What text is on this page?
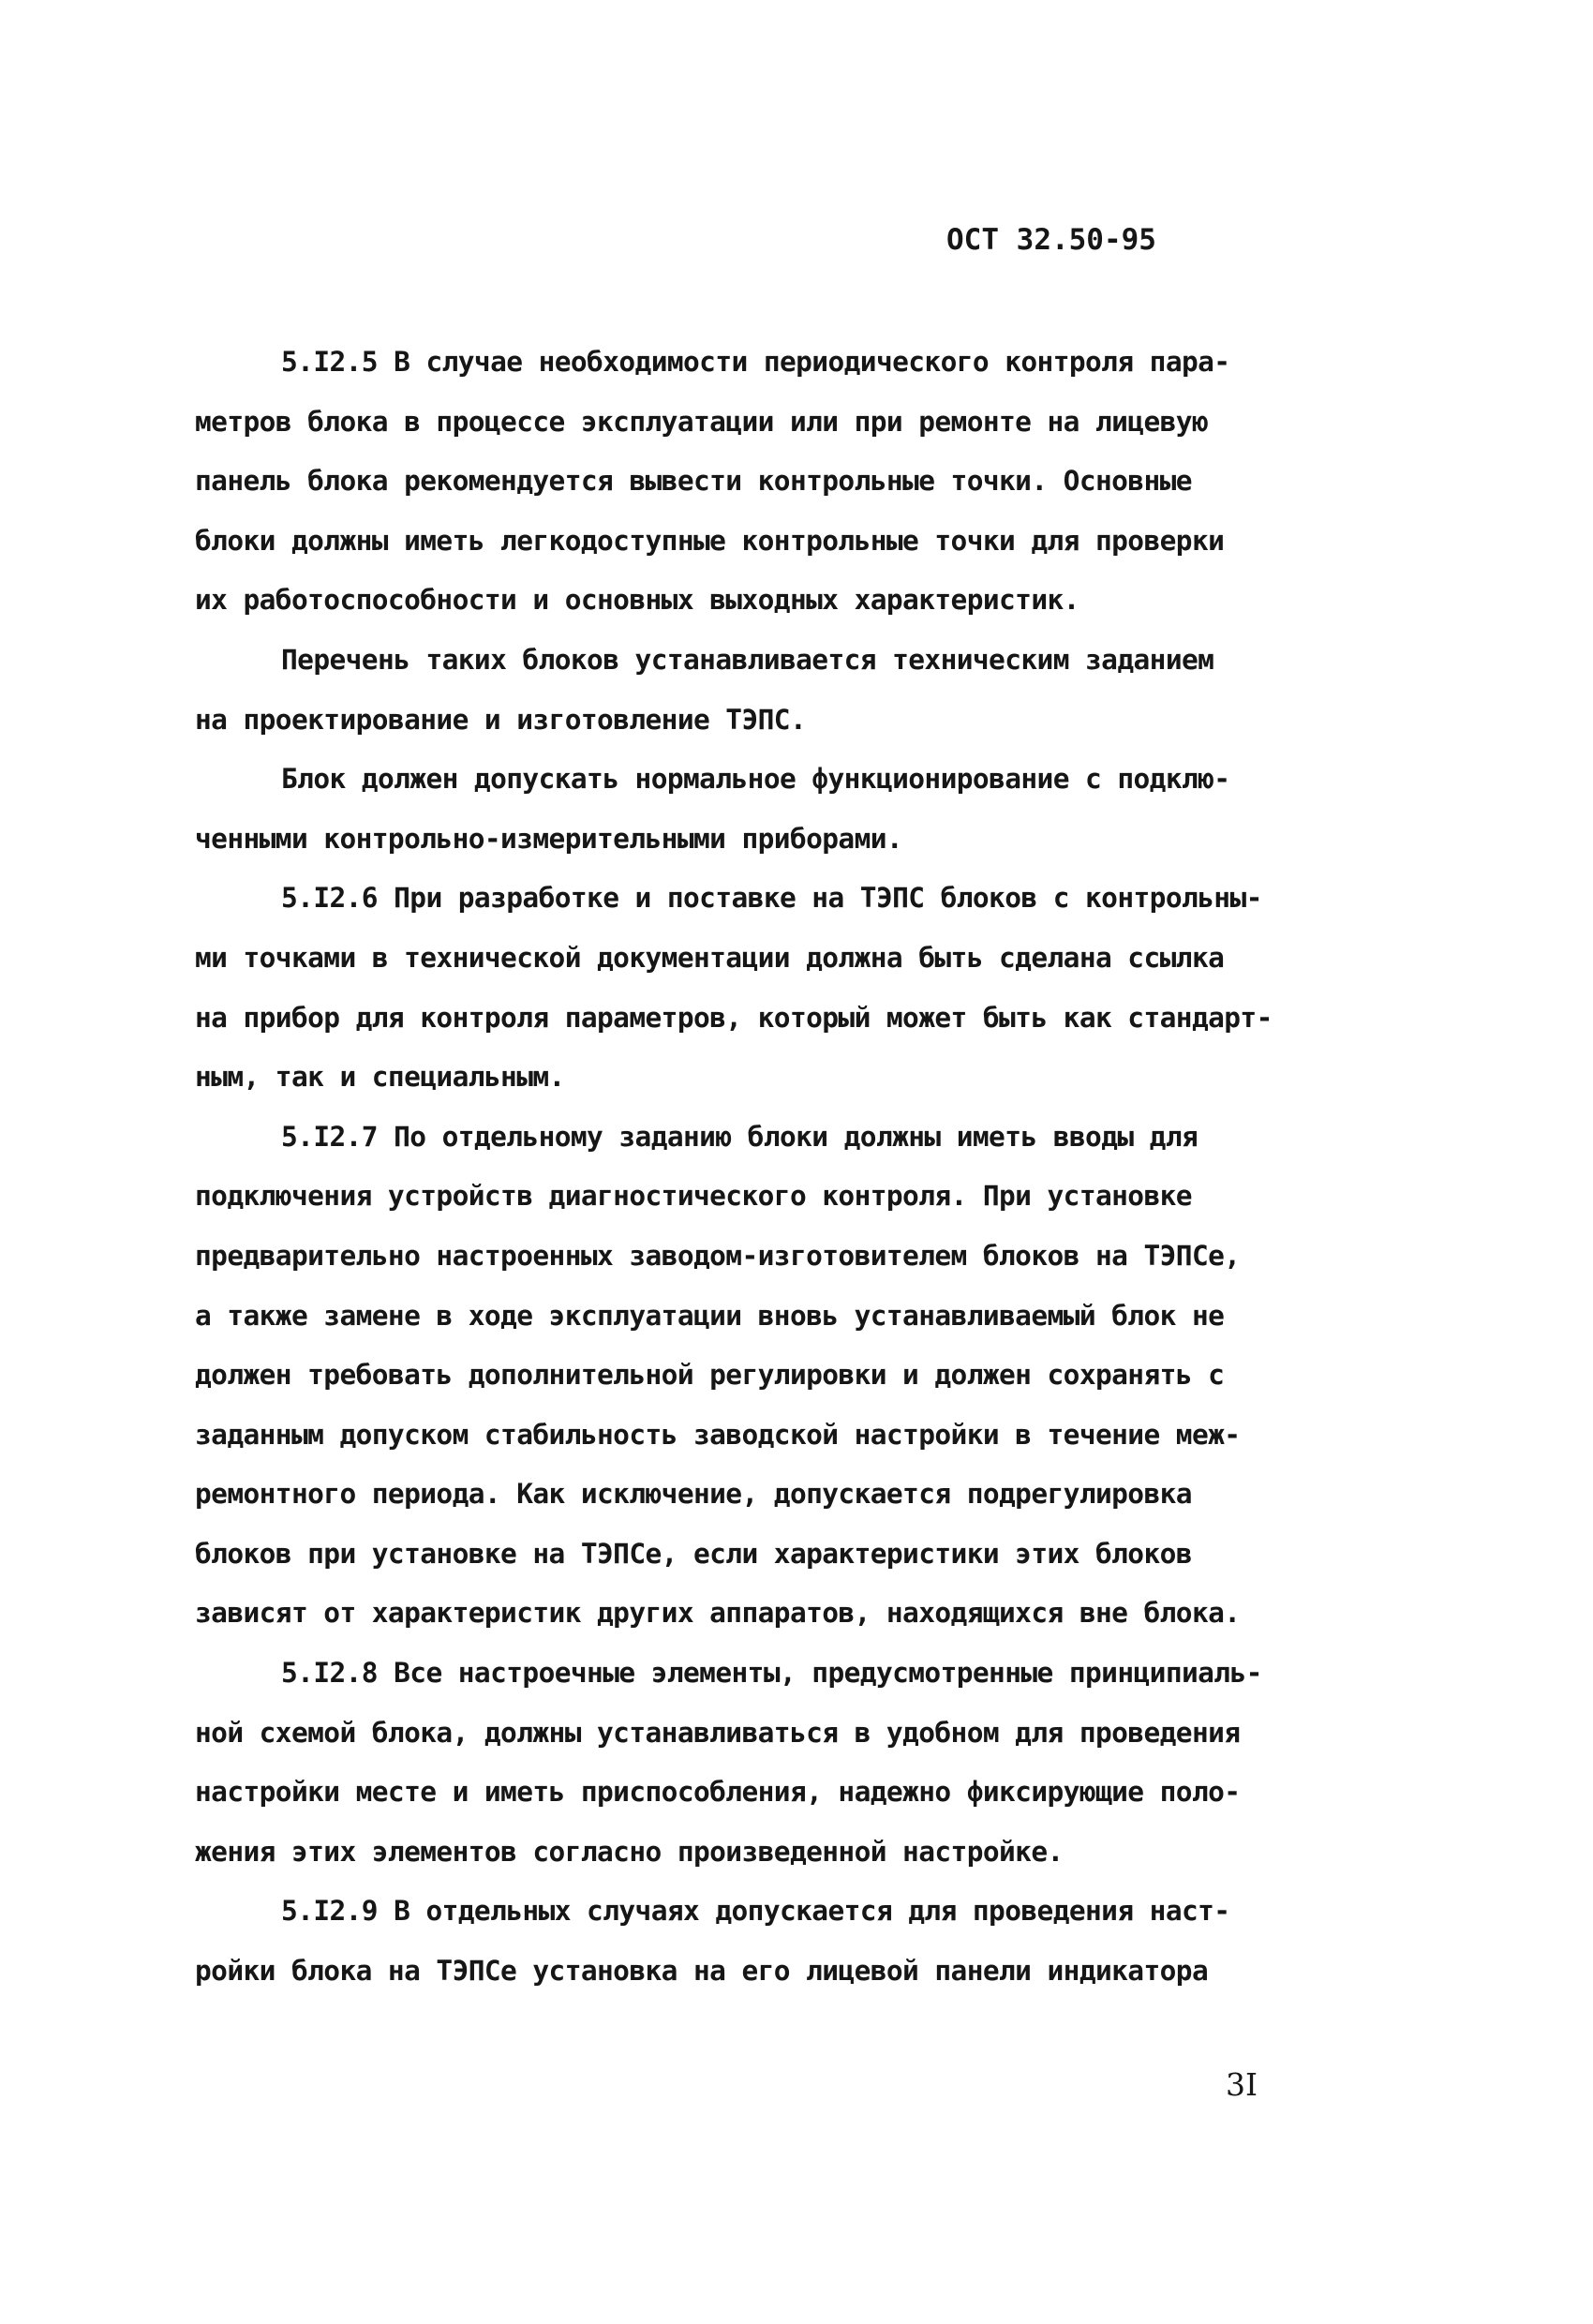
ОСТ 32.50-95
5.I2.5 В случае необходимости периодического контроля пара-
метров блока в процессе эксплуатации или при ремонте на лицевую
панель блока рекомендуется вывести контрольные точки. Основные
блоки должны иметь легкодоступные контрольные точки для проверки
их работоспособности и основных выходных характеристик.
Перечень таких блоков устанавливается техническим заданием
на проектирование и изготовление ТЭПС.
Блок должен допускать нормальное функционирование с подклю-
ченными контрольно-измерительными приборами.
5.I2.6 При разработке и поставке на ТЭПС блоков с контрольны-
ми точками в технической документации должна быть сделана ссылка
на прибор для контроля параметров, который может быть как стандарт-
ным, так и специальным.
5.I2.7 По отдельному заданию блоки должны иметь вводы для
подключения устройств диагностического контроля. При установке
предварительно настроенных заводом-изготовителем блоков на ТЭПСе,
а также замене в ходе эксплуатации вновь устанавливаемый блок не
должен требовать дополнительной регулировки и должен сохранять с
заданным допуском стабильность заводской настройки в течение меж-
ремонтного периода. Как исключение, допускается подрегулировка
блоков при установке на ТЭПСе, если характеристики этих блоков
зависят от характеристик других аппаратов, находящихся вне блока.
5.I2.8 Все настроечные элементы, предусмотренные принципиаль-
ной схемой блока, должны устанавливаться в удобном для проведения
настройки месте и иметь приспособления, надежно фиксирующие поло-
жения этих элементов согласно произведенной настройке.
5.I2.9 В отдельных случаях допускается для проведения наст-
ройки блока на ТЭПСе установка на его лицевой панели индикатора
3I
